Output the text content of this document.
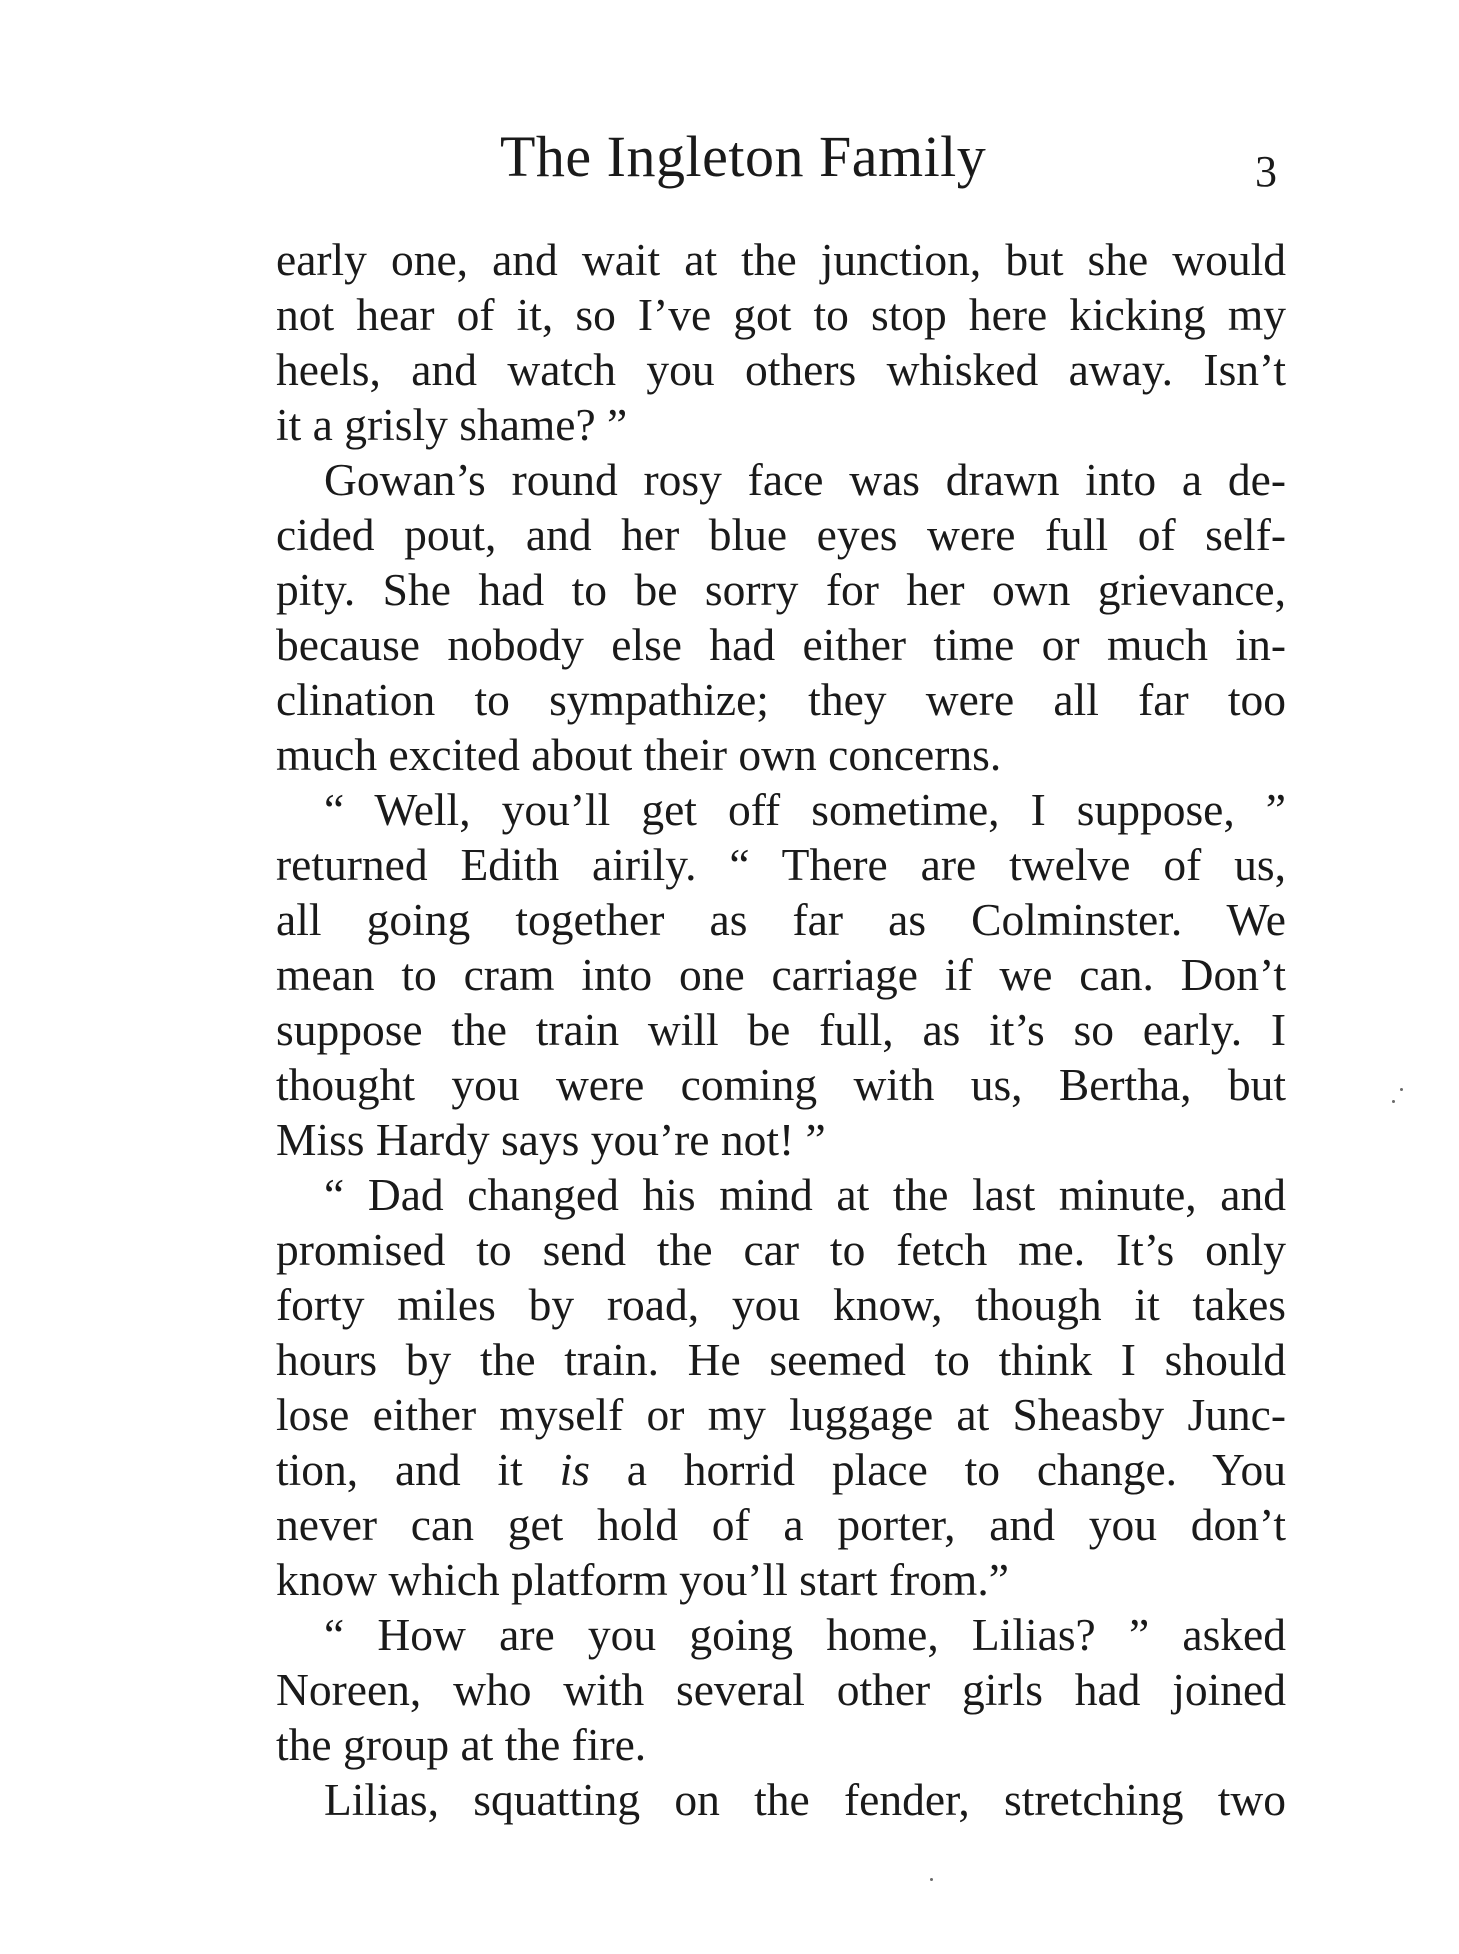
The Ingleton Family	3
early one, and wait at the junction, but she would
not hear of it, so I’ve got to stop here kicking my
heels, and watch you others whisked away. Isn’t
it a grisly shame? ”
Gowan’s round rosy face was drawn into a de-
cided pout, and her blue eyes were full of self-
pity. She had to be sorry for her own grievance,
because nobody else had either time or much in-
clination to sympathize; they were all far too
much excited about their own concerns.
“ Well, you’ll get off sometime, I suppose, ”
returned Edith airily. “ There are twelve of us,
all going together as far as Colminster. We
mean to cram into one carriage if we can. Don’t
suppose the train will be full, as it’s so early. I
thought you were coming with us, Bertha, but
Miss Hardy says you’re not! ”
“ Dad changed his mind at the last minute, and
promised to send the car to fetch me. It’s only
forty miles by road, you know, though it takes
hours by the train. He seemed to think I should
lose either myself or my luggage at Sheasby Junc-
tion, and it is a horrid place to change. You
never can get hold of a porter, and you don’t
know which platform you’ll start from.”
“ How are you going home, Lilias? ” asked
Noreen, who with several other girls had joined
the group at the fire.
Lilias, squatting on the fender, stretching two
